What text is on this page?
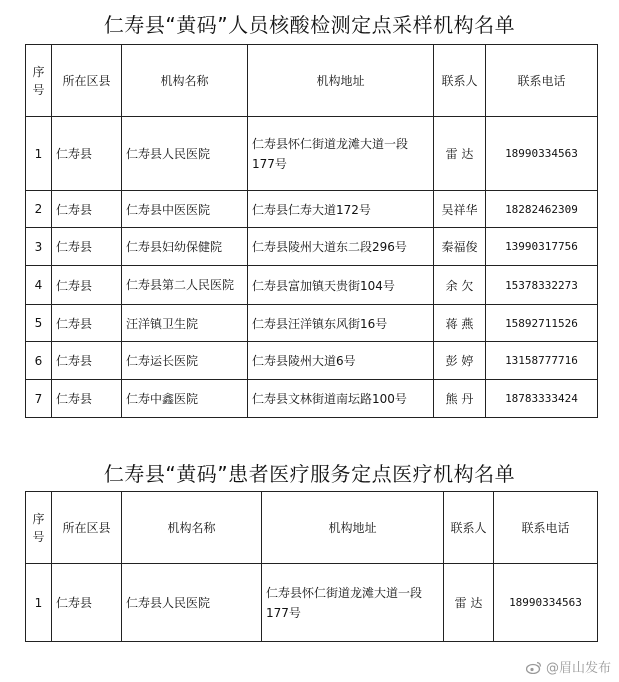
仁寿县“黄码”人员核酸检测定点采样机构名单
序号	所在区县	机构名称	机构地址	联系人	联系电话
1	仁寿县	仁寿县人民医院	仁寿县怀仁街道龙滩大道一段177号	雷 达	18990334563
2	仁寿县	仁寿县中医医院	仁寿县仁寿大道172号	吴祥华	18282462309
3	仁寿县	仁寿县妇幼保健院	仁寿县陵州大道东二段296号	秦福俊	13990317756
4	仁寿县	仁寿县第二人民医院	仁寿县富加镇天贵街104号	余 欠	15378332273
5	仁寿县	汪洋镇卫生院	仁寿县汪洋镇东风街16号	蒋 燕	15892711526
6	仁寿县	仁寿运长医院	仁寿县陵州大道6号	彭 婷	13158777716
7	仁寿县	仁寿中鑫医院	仁寿县文林街道南坛路100号	熊 丹	18783333424
仁寿县“黄码”患者医疗服务定点医疗机构名单
序号	所在区县	机构名称	机构地址	联系人	联系电话
1	仁寿县	仁寿县人民医院	仁寿县怀仁街道龙滩大道一段177号	雷 达	18990334563
@眉山发布
